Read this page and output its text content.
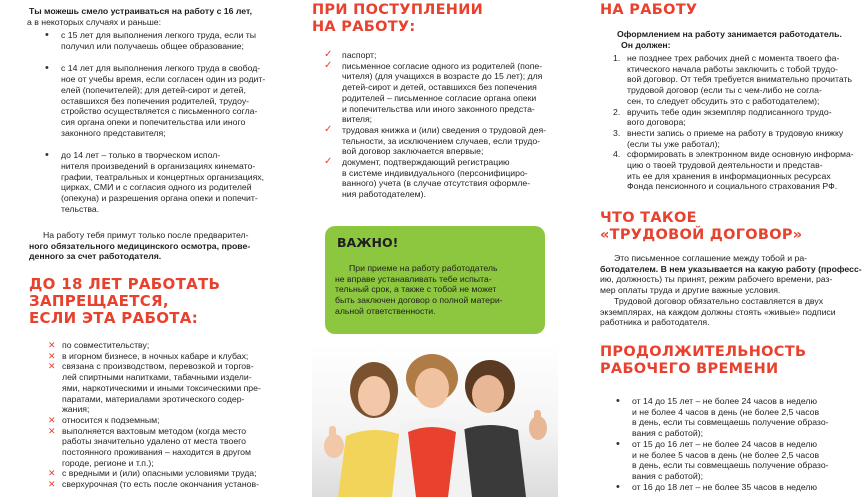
Ты можешь смело устраиваться на работу с 16 лет,

а в некоторых случаях и раньше:

• с 15 лет для выполнения легкого труда, если ты
получил или получаешь общее образование;
• с 14 лет для выполнения легкого труда в свобод-
ное от учебы время, если согласен один из родит-
елей (попечителей); для детей-сирот и детей,
оставшихся без попечения родителей, трудоу-
стройство осуществляется с письменного согла-
сия органа опеки и попечительства или иного
законного представителя;
• до 14 лет – только в творческом испол-
нителя произведений в организациях кинемато-
графии, театральных и концертных организациях,
цирках, СМИ и с согласия одного из родителей
(опекуна) и разрешения органа опеки и попечит-
тельства.

На работу тебя примут только после предварител-

ного обязательного медицинского осмотра, прове-

денного за счет работодателя.

ДО 18 ЛЕТ РАБОТАТЬ
ЗАПРЕЩАЕТСЯ,
ЕСЛИ ЭТА РАБОТА:
✕ по совместительству;
✕ в игорном бизнесе, в ночных кабаре и клубах;
✕ связана с производством, перевозкой и торгов-
лей спиртными напитками, табачными издели-
ями, наркотическими и иными токсическими пре-
паратами, материалами эротического содер-
жания;
✕ относится к подземным;
✕ выполняется вахтовым методом (когда место
работы значительно удалено от места твоего
постоянного проживания – находится в другом
городе, регионе и т.п.);
✕ с вредными и (или) опасными условиями труда;
✕ сверхурочная (то есть после окончания установ-
ПРИ ПОСТУПЛЕНИИ
НА РАБОТУ:
✓ паспорт;
✓ письменное согласие одного из родителей (попе-
чителя) (для учащихся в возрасте до 15 лет); для
детей-сирот и детей, оставшихся без попечения
родителей – письменное согласие органа опеки
и попечительства или иного законного предста-
вителя;
✓ трудовая книжка и (или) сведения о трудовой дея-
тельности, за исключением случаев, если трудо-
вой договор заключается впервые;
✓ документ, подтверждающий регистрацию
в системе индивидуального (персонифициро-
ванного) учета (в случае отсутствия оформле-
ния работодателем).
ВАЖНО!

При приеме на работу работодатель

не вправе устанавливать тебе испыта-

тельный срок, а также с тобой не может

быть заключен договор о полной матери-

альной ответственности.

НА РАБОТУ

Оформлением на работу занимается работодатель.

Он должен:

1. не позднее трех рабочих дней с момента твоего фа-
ктического начала работы заключить с тобой трудо-
вой договор. От тебя требуется внимательно прочитать
трудовой договор (если ты с чем-либо не согла-
сен, то следует обсудить это с работодателем);
2. вручить тебе один экземпляр подписанного трудо-
вого договора;
3. внести запись о приеме на работу в трудовую книжку
(если ты уже работал);
4. сформировать в электронном виде основную информа-
цию о твоей трудовой деятельности и представ-
ить ее для хранения в информационных ресурсах
Фонда пенсионного и социального страхования РФ.
ЧТО ТАКОЕ
«ТРУДОВОЙ ДОГОВОР»

Это письменное соглашение между тобой и ра-

ботодателем. В нем указывается на какую работу (професс-

ию, должность) ты принят, режим рабочего времени, раз-

мер оплаты труда и другие важные условия.

Трудовой договор обязательно составляется в двух

экземплярах, на каждом должны стоять «живые» подписи

работника и работодателя.

ПРОДОЛЖИТЕЛЬНОСТЬ
РАБОЧЕГО ВРЕМЕНИ
• от 14 до 15 лет – не более 24 часов в неделю
и не более 4 часов в день (не более 2,5 часов
в день, если ты совмещаешь получение образо-
вания с работой);
• от 15 до 16 лет – не более 24 часов в неделю
и не более 5 часов в день (не более 2,5 часов
в день, если ты совмещаешь получение образо-
вания с работой);
• от 16 до 18 лет – не более 35 часов в неделю
